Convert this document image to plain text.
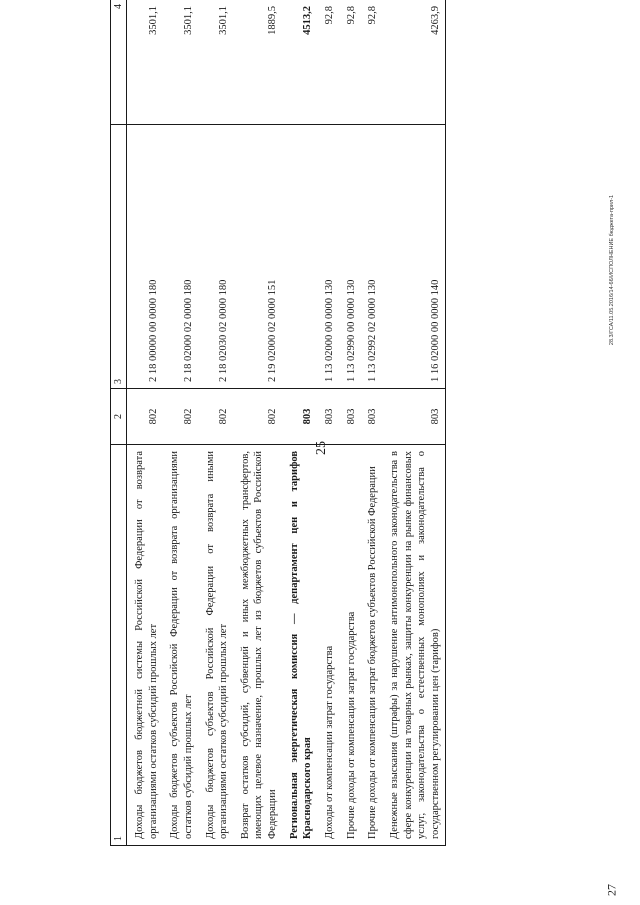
25
28.3/ГСА/11.05.2016/14-66/ИСПОЛНЕНИЕ бюджета-прил-1
27
1	2	3	4
Доходы бюджетов бюджетной системы Российской Федерации от возврата организациями остатков субсидий прошлых лет	802	2 18 00000 00 0000 180	3501,1
Доходы бюджетов субъектов Российской Федерации от возврата организациями остатков субсидий прошлых лет	802	2 18 02000 02 0000 180	3501,1
Доходы бюджетов субъектов Российской Федерации от возврата иными организациями остатков субсидий прошлых лет	802	2 18 02030 02 0000 180	3501,1
Возврат остатков субсидий, субвенций и иных межбюджетных трансфертов, имеющих целевое назначение, прошлых лет из бюджетов субъектов Российской Федерации	802	2 19 02000 02 0000 151	1889,5
Региональная энергетическая комиссия — департамент цен и тарифов Краснодарского края	803		4513,2
Доходы от компенсации затрат государства	803	1 13 02000 00 0000 130	92,8
Прочие доходы от компенсации затрат государства	803	1 13 02990 00 0000 130	92,8
Прочие доходы от компенсации затрат бюджетов субъектов Российской Федерации	803	1 13 02992 02 0000 130	92,8
Денежные взыскания (штрафы) за нарушение антимонопольного законодательства в сфере конкуренции на товарных рынках, защиты конкуренции на рынке финансовых услуг, законодательства о естественных монополиях и законодательства о государственном регулировании цен (тарифов)	803	1 16 02000 00 0000 140	4263,9
